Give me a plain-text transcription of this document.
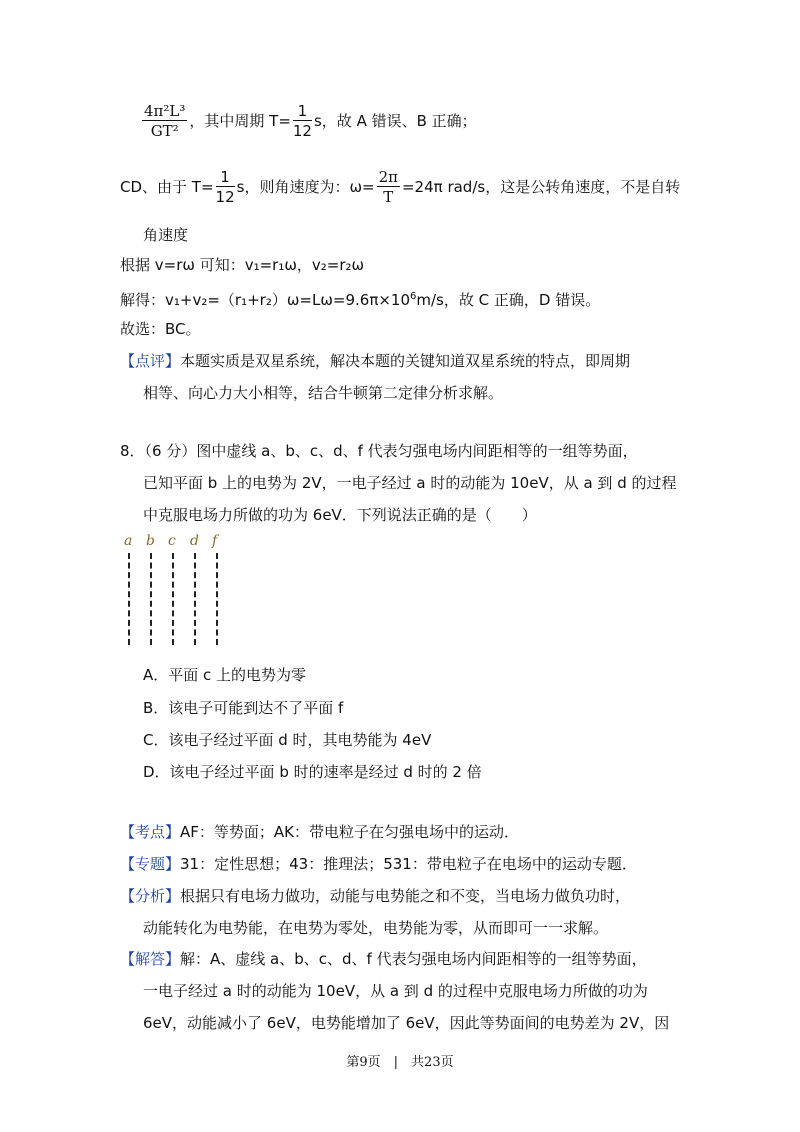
$\frac{\text{4π²L³}}{\text{GT²}}$ ，其中周期 $T= \frac{1}{12}$ s，故 A 错误、B 正确；
CD、由于 $T= \frac{1}{12}$ s，则角速度为：$\omega= \frac{2\pi}{T} =24\pi$ rad/s，这是公转角速度，不是自转
角速度
根据 v=rω 可知：v₁=r₁ω，v₂=r₂ω
解得：$v_1+v_2=(r_1+r_2)\omega=L\omega=9.6\pi\times 10^6m/s$，故 C 正确，D 错误。
故选：BC。
【点评】本题实质是双星系统，解决本题的关键知道双星系统的特点，即周期
相等、向心力大小相等，结合牛顿第二定律分析求解。
8．（6 分）图中虚线 a、b、c、d、f 代表匀强电场内间距相等的一组等势面，
已知平面 b 上的电势为 2V，一电子经过 a 时的动能为 10eV，从 a 到 d 的过程
中克服电场力所做的功为 6eV．下列说法正确的是（　　）
a b c d f
A．平面 c 上的电势为零
B．该电子可能到达不了平面 f
C．该电子经过平面 d 时，其电势能为 4eV
D．该电子经过平面 b 时的速率是经过 d 时的 2 倍
【考点】AF：等势面；AK：带电粒子在匀强电场中的运动．
【专题】31：定性思想；43：推理法；531：带电粒子在电场中的运动专题．
【分析】根据只有电场力做功，动能与电势能之和不变，当电场力做负功时，
动能转化为电势能，在电势为零处，电势能为零，从而即可一一求解。
【解答】解：A、虚线 a、b、c、d、f 代表匀强电场内间距相等的一组等势面，
一电子经过 a 时的动能为 10eV，从 a 到 d 的过程中克服电场力所做的功为
6eV，动能减小了 6eV，电势能增加了 6eV，因此等势面间的电势差为 2V，因
第9页　|　共23页
